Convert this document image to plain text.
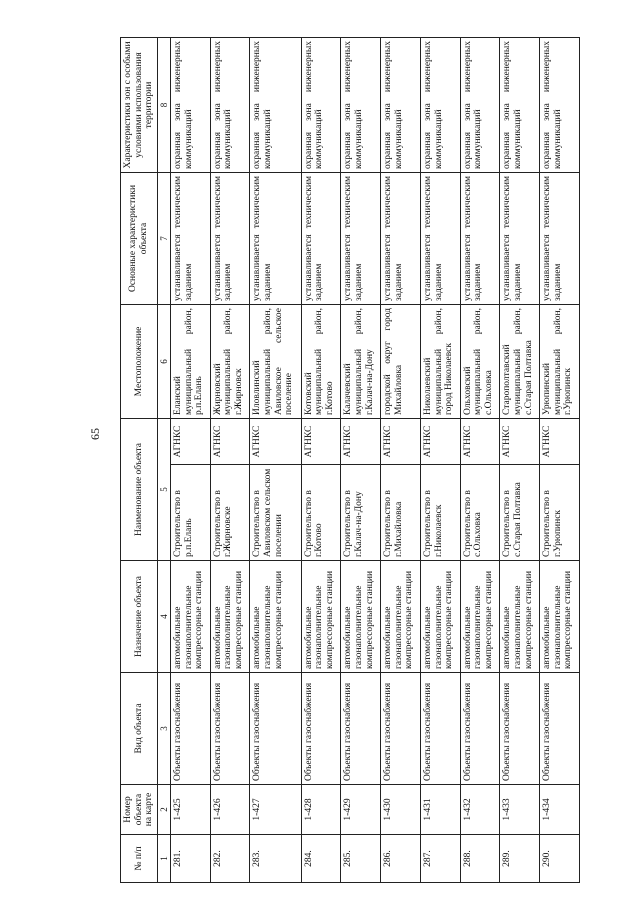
65
№ п/п	Номер объекта на карте	Вид объекта	Назначение объекта	Наименование объекта		Местоположение	Основные характеристики объекта	Характеристики зон с особыми условиями использования территории
1	2	3	4	5		6	7	8
281.	1-425	Объекты газоснабжения	автомобильные газонаполнительные компрессорные станции	Строительство в р.п.Елань	АГНКС	Еланский муниципальный район, р.п.Елань	устанавливается техническим заданием	охранная зона инженерных коммуникаций
282.	1-426	Объекты газоснабжения	автомобильные газонаполнительные компрессорные станции	Строительство в г.Жирновске	АГНКС	Жирновский муниципальный район, г.Жирновск	устанавливается техническим заданием	охранная зона инженерных коммуникаций
283.	1-427	Объекты газоснабжения	автомобильные газонаполнительные компрессорные станции	Строительство в Авиловском сельском поселении	АГНКС	Иловлинский муниципальный район, Авиловское сельское поселение	устанавливается техническим заданием	охранная зона инженерных коммуникаций
284.	1-428	Объекты газоснабжения	автомобильные газонаполнительные компрессорные станции	Строительство в г.Котово	АГНКС	Котовский муниципальный район, г.Котово	устанавливается техническим заданием	охранная зона инженерных коммуникаций
285.	1-429	Объекты газоснабжения	автомобильные газонаполнительные компрессорные станции	Строительство в г.Калач-на-Дону	АГНКС	Калачевский муниципальный район, г.Калач-на-Дону	устанавливается техническим заданием	охранная зона инженерных коммуникаций
286.	1-430	Объекты газоснабжения	автомобильные газонаполнительные компрессорные станции	Строительство в г.Михайловка	АГНКС	городской округ город Михайловка	устанавливается техническим заданием	охранная зона инженерных коммуникаций
287.	1-431	Объекты газоснабжения	автомобильные газонаполнительные компрессорные станции	Строительство в г.Николаевск	АГНКС	Николаевский муниципальный район, город Николаевск	устанавливается техническим заданием	охранная зона инженерных коммуникаций
288.	1-432	Объекты газоснабжения	автомобильные газонаполнительные компрессорные станции	Строительство в с.Ольховка	АГНКС	Ольховский муниципальный район, с.Ольховка	устанавливается техническим заданием	охранная зона инженерных коммуникаций
289.	1-433	Объекты газоснабжения	автомобильные газонаполнительные компрессорные станции	Строительство в с.Старая Полтавка	АГНКС	Старополтавский муниципальный район, с.Старая Полтавка	устанавливается техническим заданием	охранная зона инженерных коммуникаций
290.	1-434	Объекты газоснабжения	автомобильные газонаполнительные компрессорные станции	Строительство в г.Урюпинск	АГНКС	Урюпинский муниципальный район, г.Урюпинск	устанавливается техническим заданием	охранная зона инженерных коммуникаций
